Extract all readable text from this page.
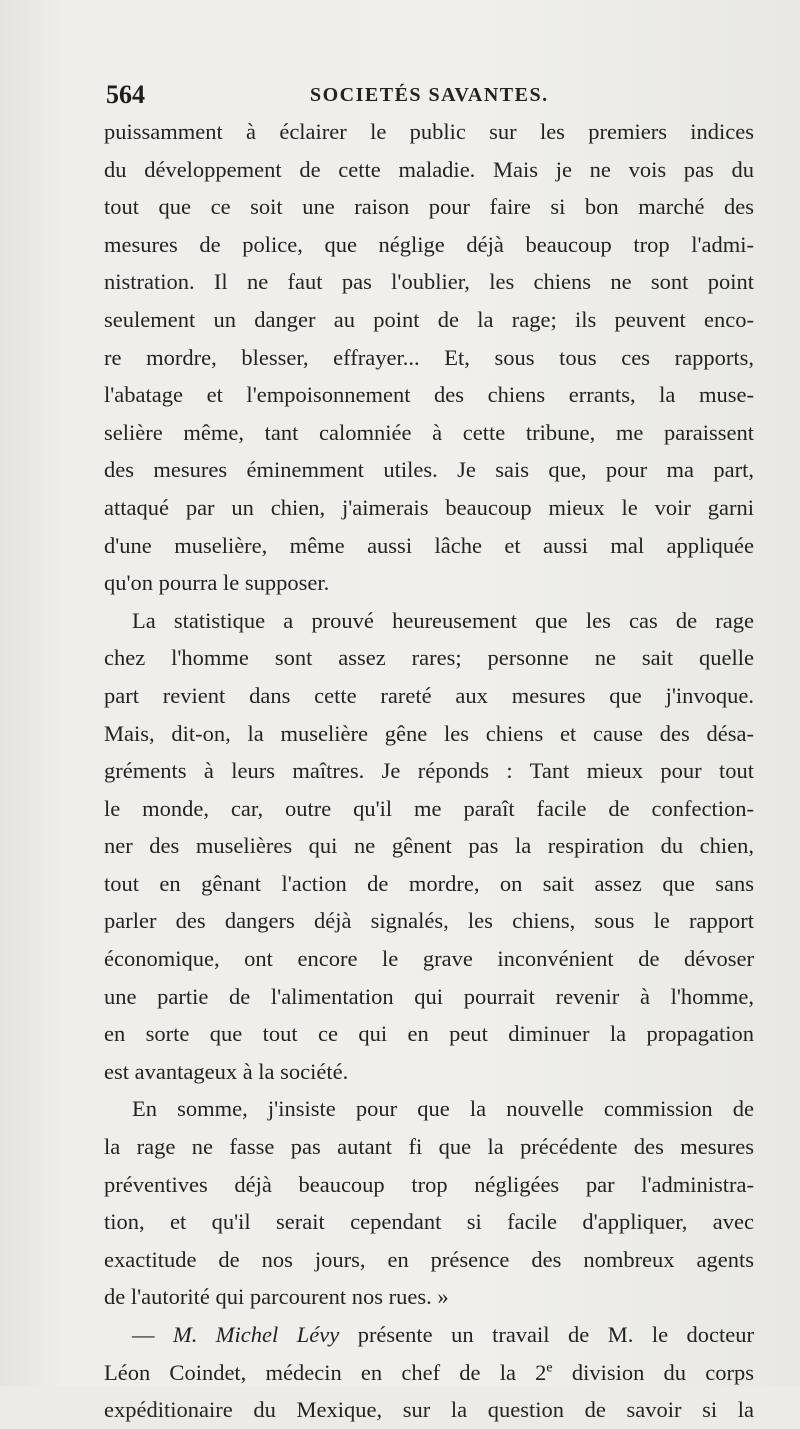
564	SOCIETÉS SAVANTES.
puissamment à éclairer le public sur les premiers indices
du développement de cette maladie. Mais je ne vois pas du
tout que ce soit une raison pour faire si bon marché des
mesures de police, que néglige déjà beaucoup trop l'admi-
nistration. Il ne faut pas l'oublier, les chiens ne sont point
seulement un danger au point de la rage; ils peuvent enco-
re mordre, blesser, effrayer... Et, sous tous ces rapports,
l'abatage et l'empoisonnement des chiens errants, la muse-
selière même, tant calomniée à cette tribune, me paraissent
des mesures éminemment utiles. Je sais que, pour ma part,
attaqué par un chien, j'aimerais beaucoup mieux le voir garni
d'une muselière, même aussi lâche et aussi mal appliquée
qu'on pourra le supposer.
La statistique a prouvé heureusement que les cas de rage
chez l'homme sont assez rares; personne ne sait quelle
part revient dans cette rareté aux mesures que j'invoque.
Mais, dit-on, la muselière gêne les chiens et cause des désa-
gréments à leurs maîtres. Je réponds : Tant mieux pour tout
le monde, car, outre qu'il me paraît facile de confection-
ner des muselières qui ne gênent pas la respiration du chien,
tout en gênant l'action de mordre, on sait assez que sans
parler des dangers déjà signalés, les chiens, sous le rapport
économique, ont encore le grave inconvénient de dévoser
une partie de l'alimentation qui pourrait revenir à l'homme,
en sorte que tout ce qui en peut diminuer la propagation
est avantageux à la société.
En somme, j'insiste pour que la nouvelle commission de
la rage ne fasse pas autant fi que la précédente des mesures
préventives déjà beaucoup trop négligées par l'administra-
tion, et qu'il serait cependant si facile d'appliquer, avec
exactitude de nos jours, en présence des nombreux agents
de l'autorité qui parcourent nos rues. »
— M. Michel Lévy présente un travail de M. le docteur
Léon Coindet, médecin en chef de la 2e division du corps
expéditionaire du Mexique, sur la question de savoir si la
